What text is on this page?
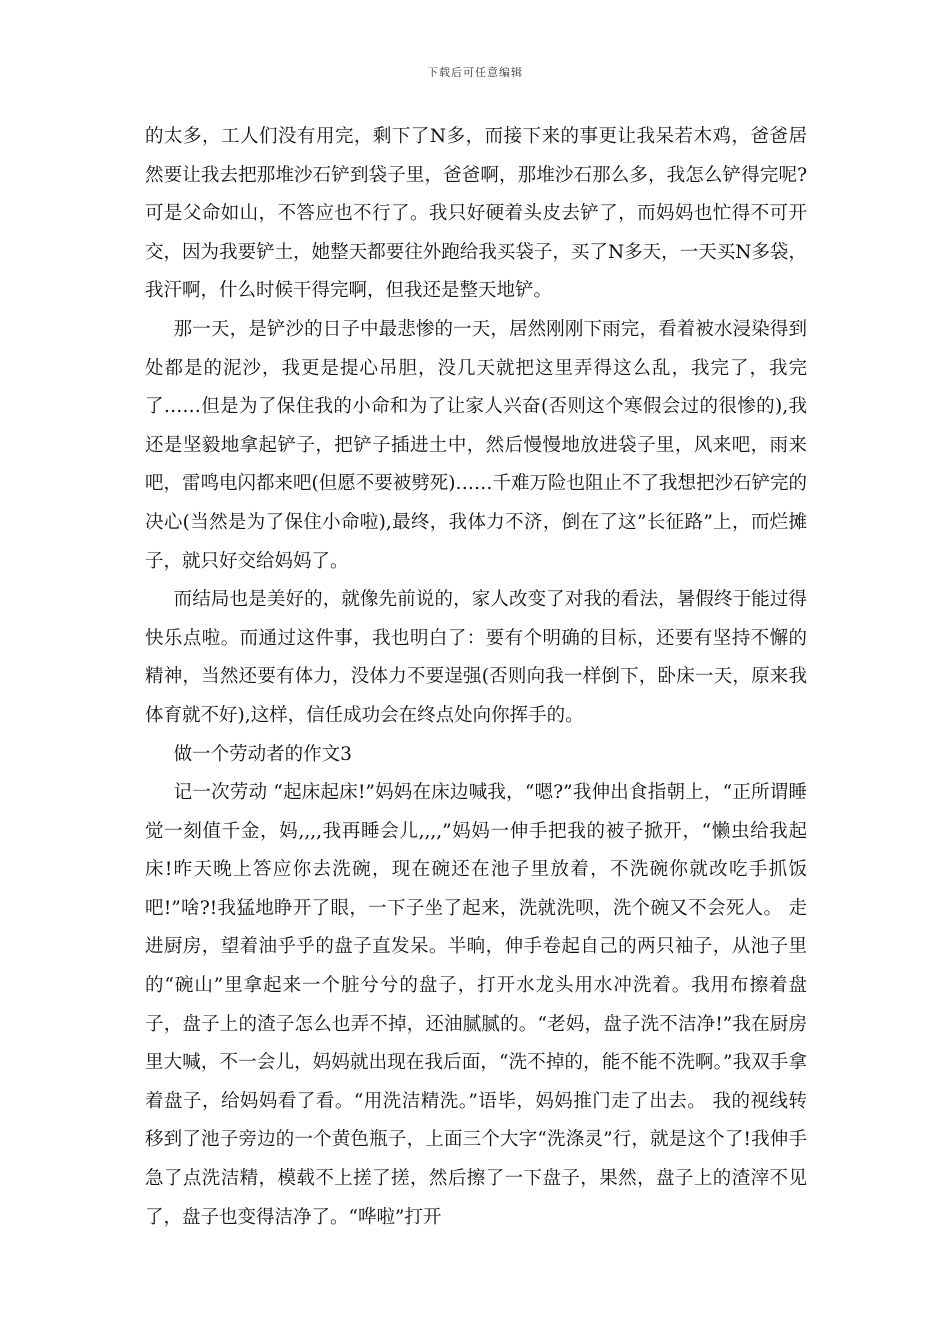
下载后可任意编辑

的太多，工人们没有用完，剩下了N多，而接下来的事更让我呆若木鸡，爸爸居然要让我去把那堆沙石铲到袋子里，爸爸啊，那堆沙石那么多，我怎么铲得完呢?可是父命如山，不答应也不行了。我只好硬着头皮去铲了，而妈妈也忙得不可开交，因为我要铲土，她整天都要往外跑给我买袋子，买了N多天，一天买N多袋，我汗啊，什么时候干得完啊，但我还是整天地铲。

那一天，是铲沙的日子中最悲惨的一天，居然刚刚下雨完，看着被水浸染得到处都是的泥沙，我更是提心吊胆，没几天就把这里弄得这么乱，我完了，我完了……但是为了保住我的小命和为了让家人兴奋(否则这个寒假会过的很惨的),我还是坚毅地拿起铲子，把铲子插进土中，然后慢慢地放进袋子里，风来吧，雨来吧，雷鸣电闪都来吧(但愿不要被劈死)……千难万险也阻止不了我想把沙石铲完的决心(当然是为了保住小命啦),最终，我体力不济，倒在了这”长征路”上，而烂摊子，就只好交给妈妈了。

而结局也是美好的，就像先前说的，家人改变了对我的看法，暑假终于能过得快乐点啦。而通过这件事，我也明白了：要有个明确的目标，还要有坚持不懈的精神，当然还要有体力，没体力不要逞强(否则向我一样倒下，卧床一天，原来我体育就不好),这样，信任成功会在终点处向你挥手的。

做一个劳动者的作文3

记一次劳动 “起床起床!”妈妈在床边喊我，“嗯?”我伸出食指朝上，“正所谓睡觉一刻值千金，妈,,,,我再睡会儿,,,,”妈妈一伸手把我的被子掀开，“懒虫给我起床!昨天晚上答应你去洗碗，现在碗还在池子里放着，不洗碗你就改吃手抓饭吧!”啥?!我猛地睁开了眼，一下子坐了起来，洗就洗呗，洗个碗又不会死人。 走进厨房，望着油乎乎的盘子直发呆。半晌，伸手卷起自己的两只袖子，从池子里的“碗山”里拿起来一个脏兮兮的盘子，打开水龙头用水冲洗着。我用布擦着盘子，盘子上的渣子怎么也弄不掉，还油腻腻的。“老妈，盘子洗不洁净!”我在厨房里大喊，不一会儿，妈妈就出现在我后面，“洗不掉的，能不能不洗啊。”我双手拿着盘子，给妈妈看了看。“用洗洁精洗。”语毕，妈妈推门走了出去。 我的视线转移到了池子旁边的一个黄色瓶子，上面三个大字“洗涤灵”行，就是这个了!我伸手急了点洗洁精，模载不上搓了搓，然后擦了一下盘子，果然，盘子上的渣滓不见了，盘子也变得洁净了。“哗啦”打开
